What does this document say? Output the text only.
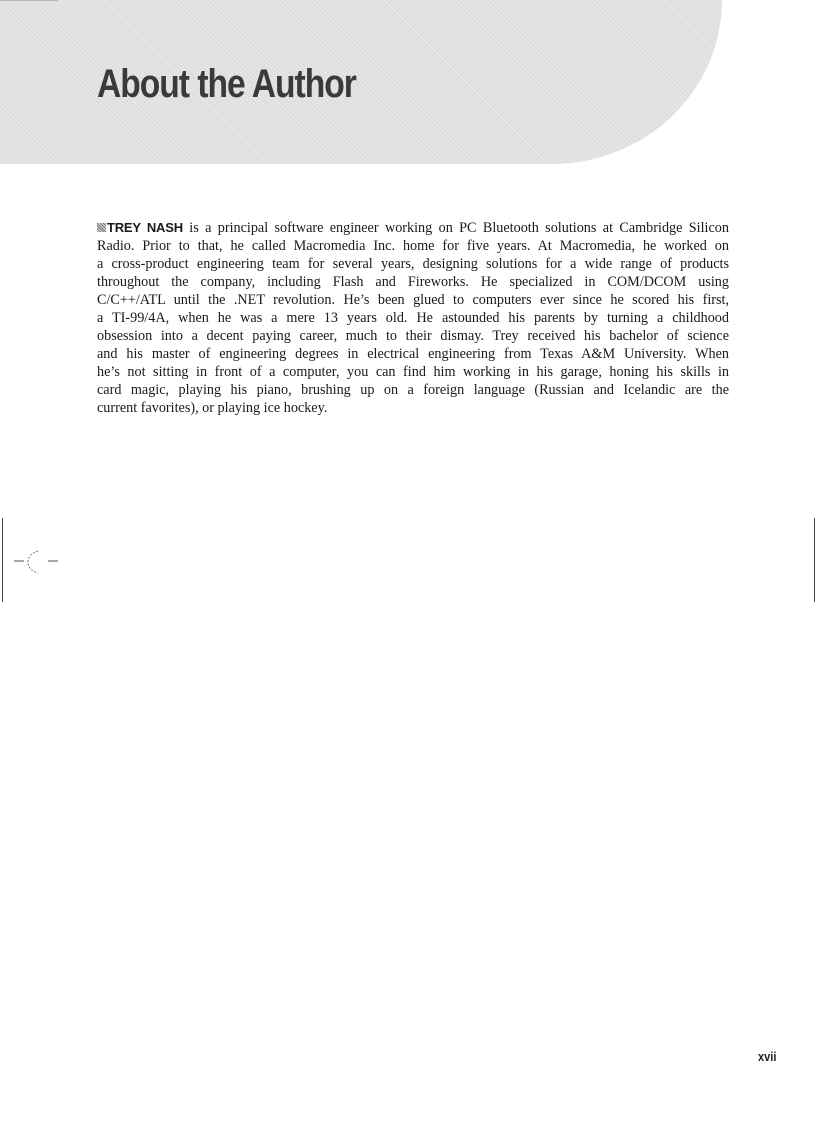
About the Author
TREY NASH is a principal software engineer working on PC Bluetooth solutions at Cambridge Silicon
Radio. Prior to that, he called Macromedia Inc. home for five years. At Macromedia, he worked on
a cross-product engineering team for several years, designing solutions for a wide range of products
throughout the company, including Flash and Fireworks. He specialized in COM/DCOM using
C/C++/ATL until the .NET revolution. He’s been glued to computers ever since he scored his first,
a TI-99/4A, when he was a mere 13 years old. He astounded his parents by turning a childhood
obsession into a decent paying career, much to their dismay. Trey received his bachelor of science
and his master of engineering degrees in electrical engineering from Texas A&M University. When
he’s not sitting in front of a computer, you can find him working in his garage, honing his skills in
card magic, playing his piano, brushing up on a foreign language (Russian and Icelandic are the
current favorites), or playing ice hockey.

xvii
